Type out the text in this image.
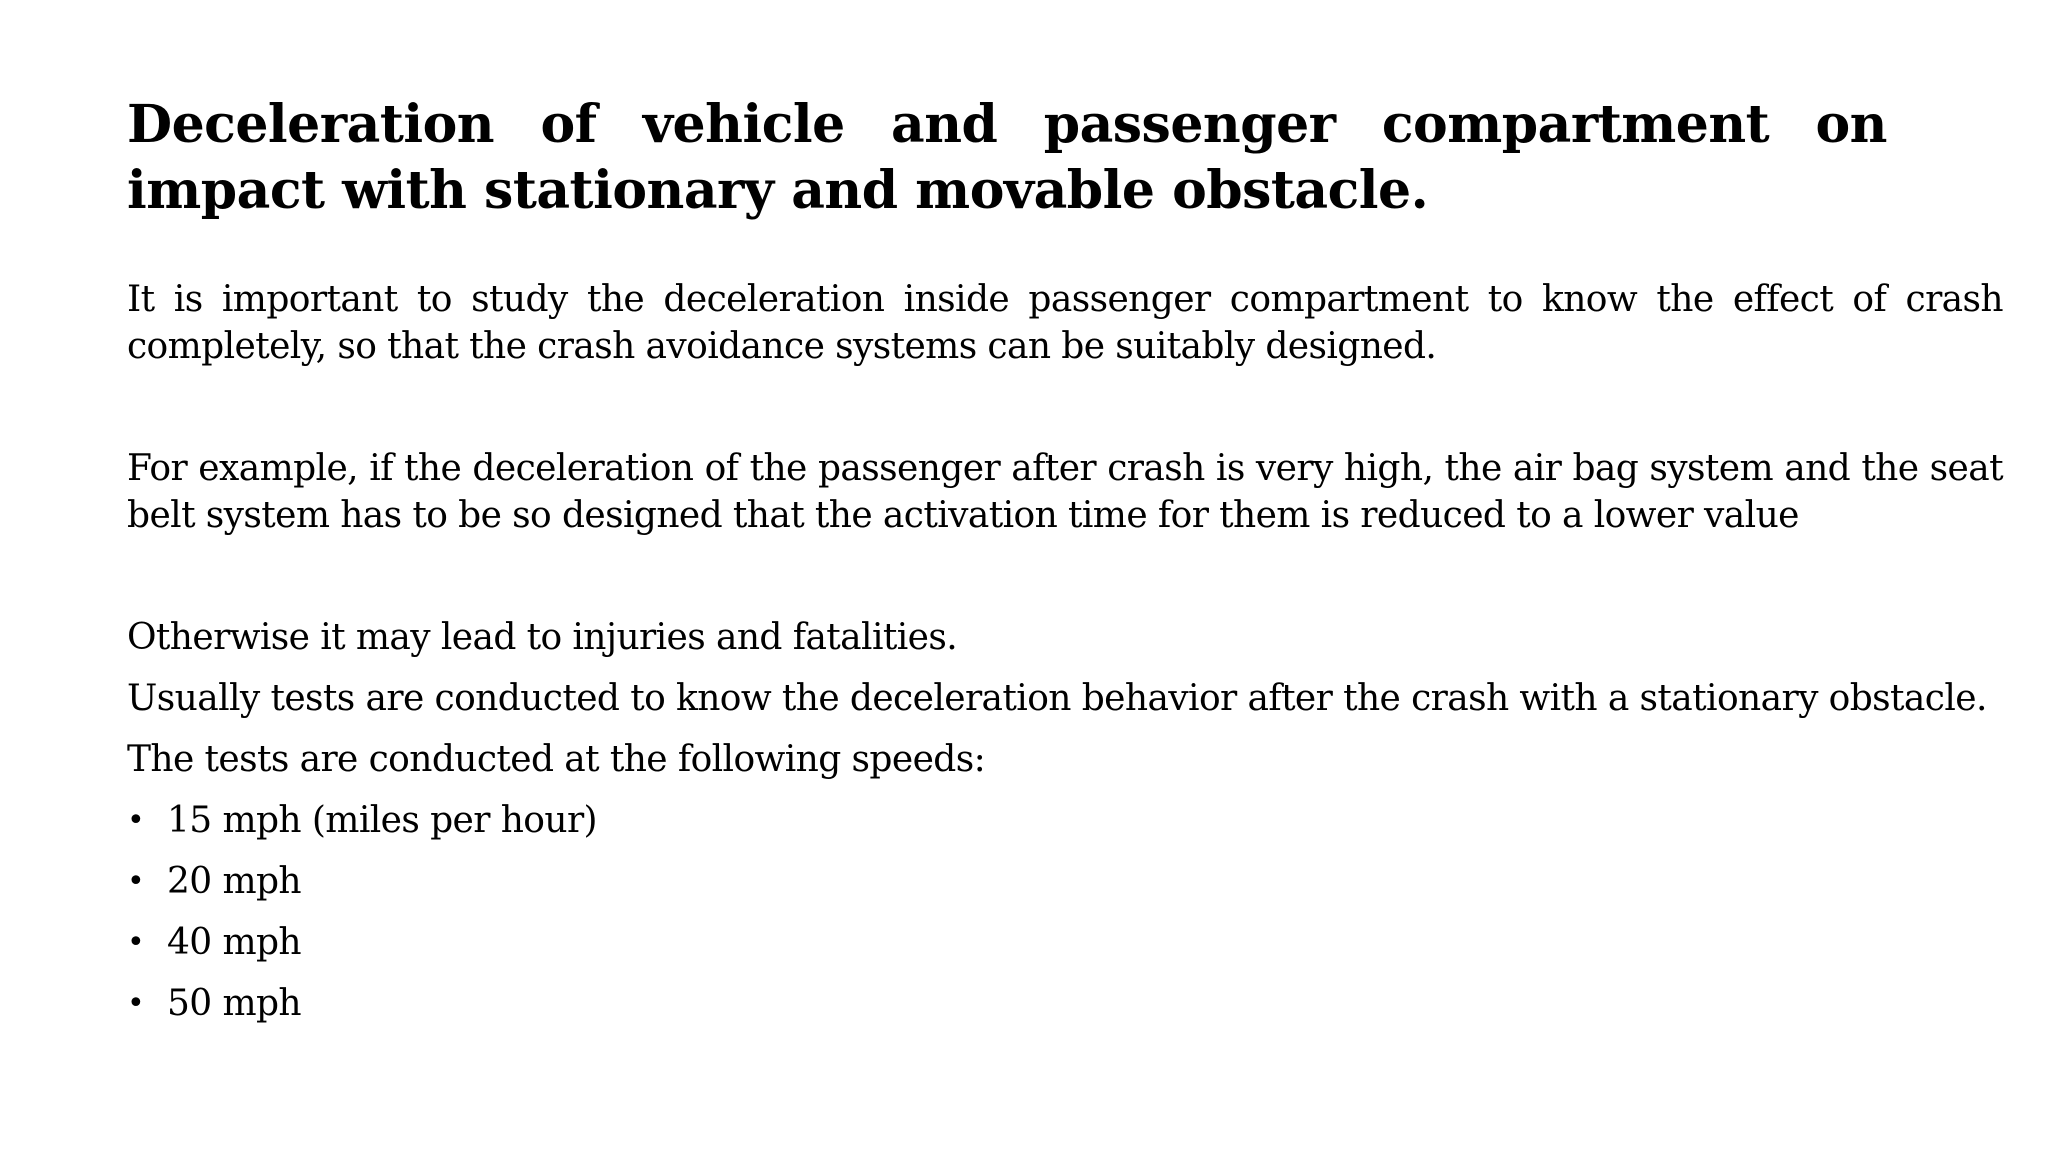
Deceleration of vehicle and passenger compartment on impact with stationary and movable obstacle.

It is important to study the deceleration inside passenger compartment to know the effect of crash completely, so that the crash avoidance systems can be suitably designed.

For example, if the deceleration of the passenger after crash is very high, the air bag system and the seat belt system has to be so designed that the activation time for them is reduced to a lower value

Otherwise it may lead to injuries and fatalities.

Usually tests are conducted to know the deceleration behavior after the crash with a stationary obstacle.

The tests are conducted at the following speeds:

• 15 mph (miles per hour)
• 20 mph
• 40 mph
• 50 mph
